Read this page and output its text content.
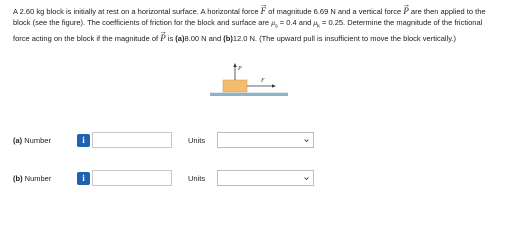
A 2.60 kg block is initially at rest on a horizontal surface. A horizontal force → F of magnitude 6.69 N and a vertical force → P are then applied to the block (see the figure). The coefficients of friction for the block and surface are $\mu_s = 0.4$ and $\mu_k = 0.25$. Determine the magnitude of the frictional force acting on the block if the magnitude of → P is (a)8.00 N and (b)12.0 N. (The upward pull is insufficient to move the block vertically.)

P
F
(a) Number	i	Units
(b) Number	i	Units
